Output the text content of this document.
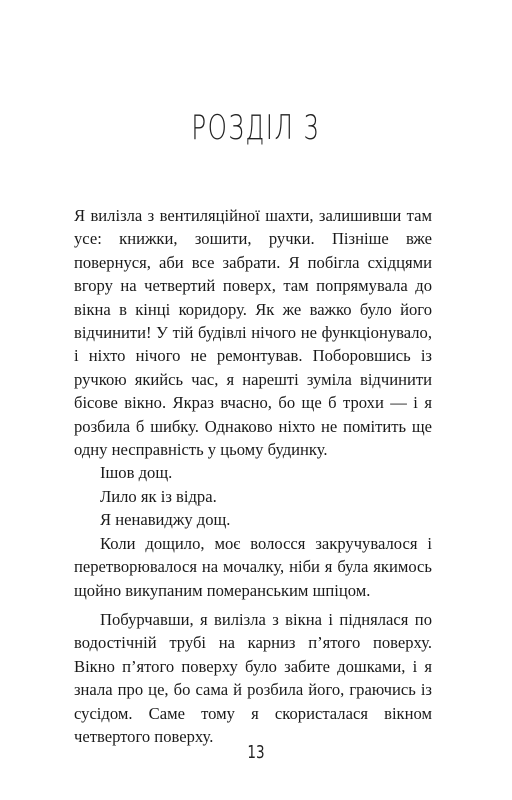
РОЗДІЛ 3

Я вилізла з вентиляційної шахти, залишивши там усе: книжки, зошити, ручки. Пізніше вже повернуся, аби все забрати. Я побігла східцями вгору на четвертий поверх, там попрямувала до вікна в кінці коридору. Як же важко було його відчинити! У тій будівлі нічого не функціонувало, і ніхто нічого не ремонтував. Поборовшись із ручкою якийсь час, я нарешті зуміла відчинити бісове вікно. Якраз вчасно, бо ще б трохи — і я розбила б шибку. Однаково ніхто не помітить ще одну несправність у цьому будинку.

Ішов дощ.

Лило як із відра.

Я ненавиджу дощ.

Коли дощило, моє волосся закручувалося і перетворювалося на мочалку, ніби я була якимось щойно викупаним померанським шпіцом.

Побурчавши, я вилізла з вікна і піднялася по водостічній трубі на карниз п’ятого поверху. Вікно п’ятого поверху було забите дошками, і я знала про це, бо сама й розбила його, граючись із сусідом. Саме тому я скористалася вікном четвертого поверху.

13
